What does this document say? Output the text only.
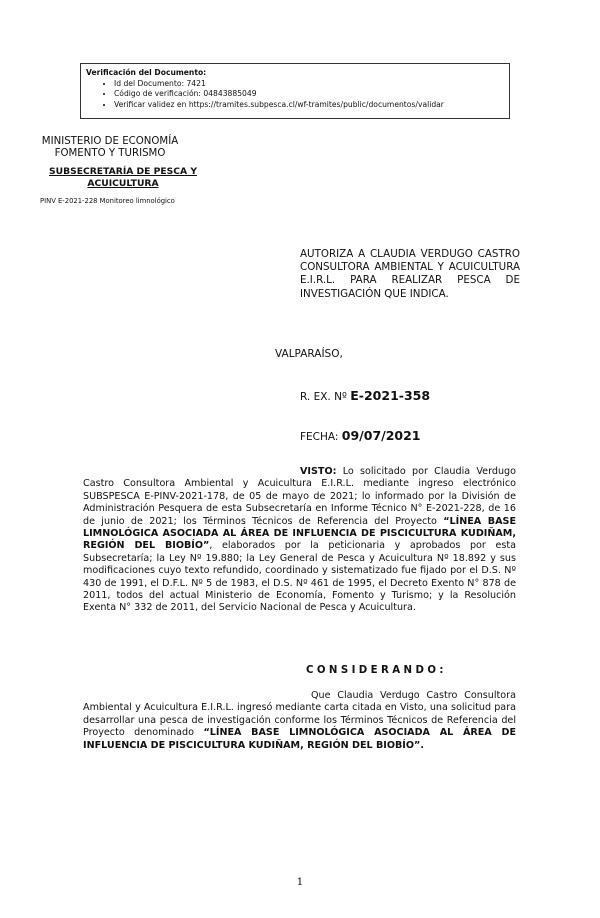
Verificación del Documento:
• Id del Documento: 7421
• Código de verificación: 04843885049
• Verificar validez en https://tramites.subpesca.cl/wf-tramites/public/documentos/validar
MINISTERIO DE ECONOMÍA
FOMENTO Y TURISMO
SUBSECRETARÍA DE PESCA Y ACUICULTURA
PINV E-2021-228 Monitoreo limnológico
AUTORIZA A CLAUDIA VERDUGO CASTRO CONSULTORA AMBIENTAL Y ACUICULTURA E.I.R.L. PARA REALIZAR PESCA DE INVESTIGACIÓN QUE INDICA.
VALPARAÍSO,
R. EX. Nº E-2021-358
FECHA: 09/07/2021
VISTO: Lo solicitado por Claudia Verdugo Castro Consultora Ambiental y Acuicultura E.I.R.L. mediante ingreso electrónico SUBSPESCA E-PINV-2021-178, de 05 de mayo de 2021; lo informado por la División de Administración Pesquera de esta Subsecretaría en Informe Técnico N° E-2021-228, de 16 de junio de 2021; los Términos Técnicos de Referencia del Proyecto “LÍNEA BASE LIMNOLÓGICA ASOCIADA AL ÁREA DE INFLUENCIA DE PISCICULTURA KUDIÑAM, REGIÓN DEL BIOBÍO”, elaborados por la peticionaria y aprobados por esta Subsecretaría; la Ley Nº 19.880; la Ley General de Pesca y Acuicultura Nº 18.892 y sus modificaciones cuyo texto refundido, coordinado y sistematizado fue fijado por el D.S. Nº 430 de 1991, el D.F.L. Nº 5 de 1983, el D.S. Nº 461 de 1995, el Decreto Exento N° 878 de 2011, todos del actual Ministerio de Economía, Fomento y Turismo; y la Resolución Exenta N° 332 de 2011, del Servicio Nacional de Pesca y Acuicultura.
CONSIDERANDO:
Que Claudia Verdugo Castro Consultora Ambiental y Acuicultura E.I.R.L. ingresó mediante carta citada en Visto, una solicitud para desarrollar una pesca de investigación conforme los Términos Técnicos de Referencia del Proyecto denominado “LÍNEA BASE LIMNOLÓGICA ASOCIADA AL ÁREA DE INFLUENCIA DE PISCICULTURA KUDIÑAM, REGIÓN DEL BIOBÍO”.
1
